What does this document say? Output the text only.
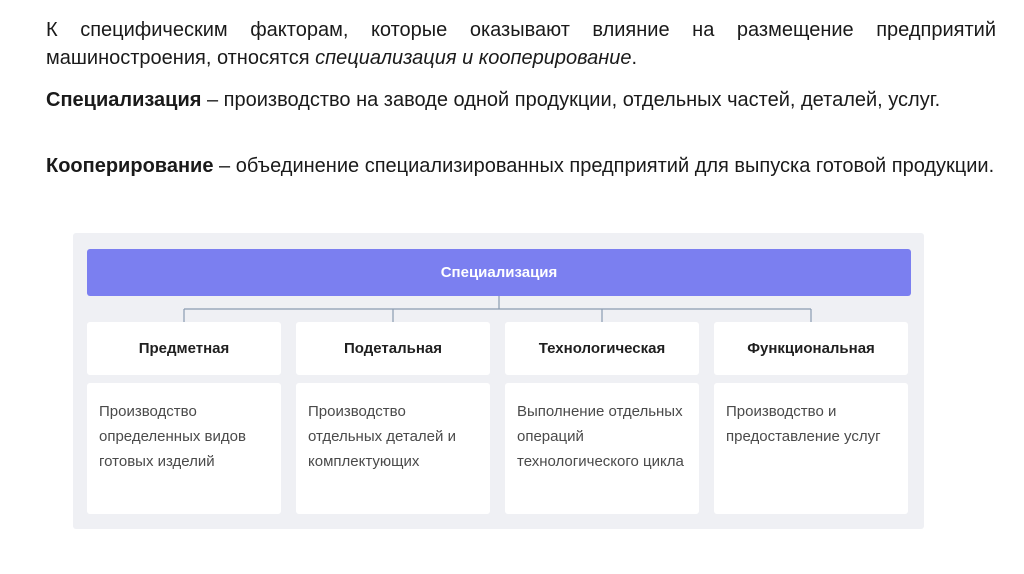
К специфическим факторам, которые оказывают влияние на размещение предприятий машиностроения, относятся специализация и кооперирование.

Специализация – производство на заводе одной продукции, отдельных частей, деталей, услуг.

Кооперирование – объединение специализированных предприятий для выпуска готовой продукции.

Специализация
Предметная	Подетальная	Технологическая	Функциональная
Производство определенных видов готовых изделий
Производство отдельных деталей и комплектующих
Выполнение отдельных операций технологического цикла
Производство и предоставление услуг
